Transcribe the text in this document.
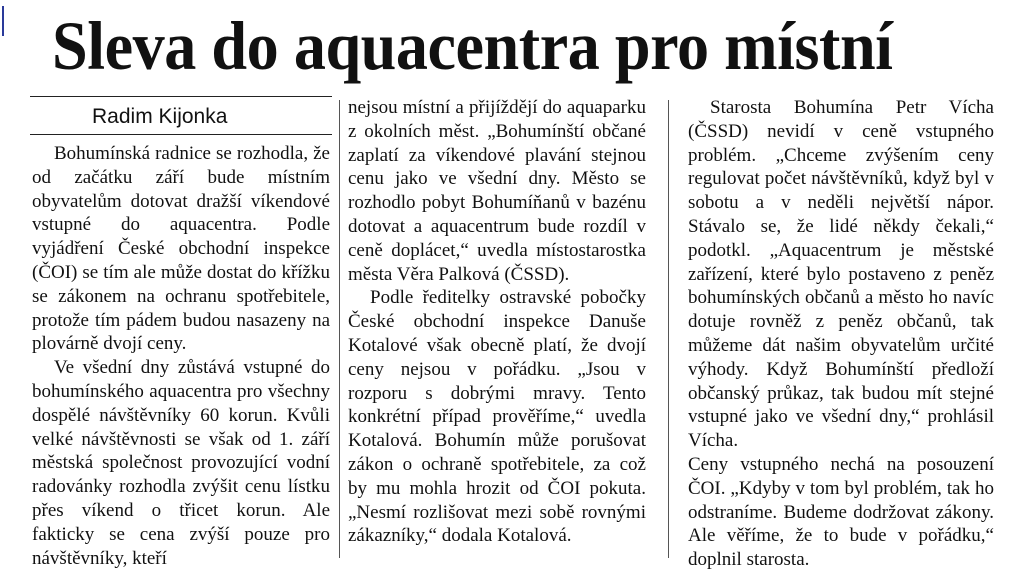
Sleva do aquacentra pro místní
Radim Kijonka

Bohumínská radnice se rozhodla, že od začátku září bude místním obyvatelům dotovat dražší víkendové vstupné do aquacentra. Podle vyjádření České obchodní inspekce (ČOI) se tím ale může dostat do křížku se zákonem na ochranu spotřebitele, protože tím pádem budou nasazeny na plovárně dvojí ceny.

Ve všední dny zůstává vstupné do bohumínského aquacentra pro všechny dospělé návštěvníky 60 korun. Kvůli velké návštěvnosti se však od 1. září městská společnost provozující vodní radovánky rozhodla zvýšit cenu lístku přes víkend o třicet korun. Ale fakticky se cena zvýší pouze pro návštěvníky, kteří

nejsou místní a přijíždějí do aquaparku z okolních měst. „Bohumínští občané zaplatí za víkendové plavání stejnou cenu jako ve všední dny. Město se rozhodlo pobyt Bohumíňanů v bazénu dotovat a aquacentrum bude rozdíl v ceně doplácet,“ uvedla místostarostka města Věra Palková (ČSSD).

Podle ředitelky ostravské pobočky České obchodní inspekce Danuše Kotalové však obecně platí, že dvojí ceny nejsou v pořádku. „Jsou v rozporu s dobrými mravy. Tento konkrétní případ prověříme,“ uvedla Kotalová. Bohumín může porušovat zákon o ochraně spotřebitele, za což by mu mohla hrozit od ČOI pokuta. „Nesmí rozlišovat mezi sobě rovnými zákazníky,“ dodala Kotalová.

Starosta Bohumína Petr Vícha (ČSSD) nevidí v ceně vstupného problém. „Chceme zvýšením ceny regulovat počet návštěvníků, když byl v sobotu a v neděli největší nápor. Stávalo se, že lidé někdy čekali,“ podotkl. „Aquacentrum je městské zařízení, které bylo postaveno z peněz bohumínských občanů a město ho navíc dotuje rovněž z peněz občanů, tak můžeme dát našim obyvatelům určité výhody. Když Bohumínští předloží občanský průkaz, tak budou mít stejné vstupné jako ve všední dny,“ prohlásil Vícha.

Ceny vstupného nechá na posouzení ČOI. „Kdyby v tom byl problém, tak ho odstraníme. Budeme dodržovat zákony. Ale věříme, že to bude v pořádku,“ doplnil starosta.
